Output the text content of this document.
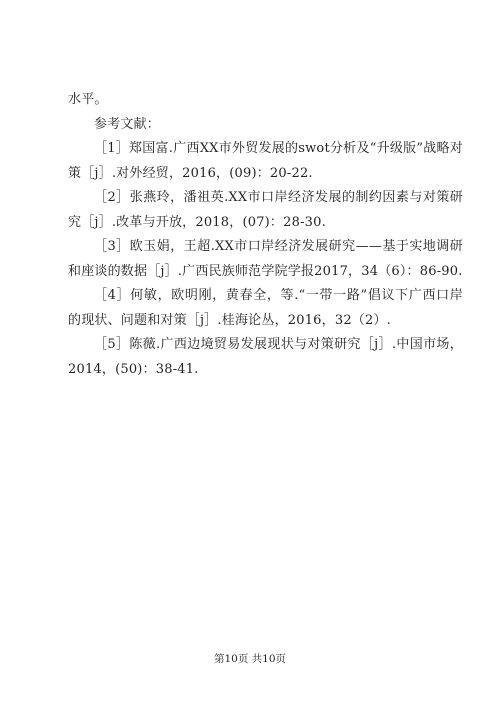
水平。

参考文献：

［1］郑国富.广西XX市外贸发展的swot分析及“升级版”战略对策［j］.对外经贸，2016，(09)：20-22.

［2］张燕玲，潘祖英.XX市口岸经济发展的制约因素与对策研究［j］.改革与开放，2018，(07)：28-30.

［3］欧玉娟，王超.XX市口岸经济发展研究——基于实地调研和座谈的数据［j］.广西民族师范学院学报2017，34（6）：86-90.

［4］何敏，欧明刚，黄春全，等.“一带一路”倡议下广西口岸的现状、问题和对策［j］.桂海论丛，2016，32（2）.

［5］陈薇.广西边境贸易发展现状与对策研究［j］.中国市场，2014，(50)：38-41.

第10页 共10页
